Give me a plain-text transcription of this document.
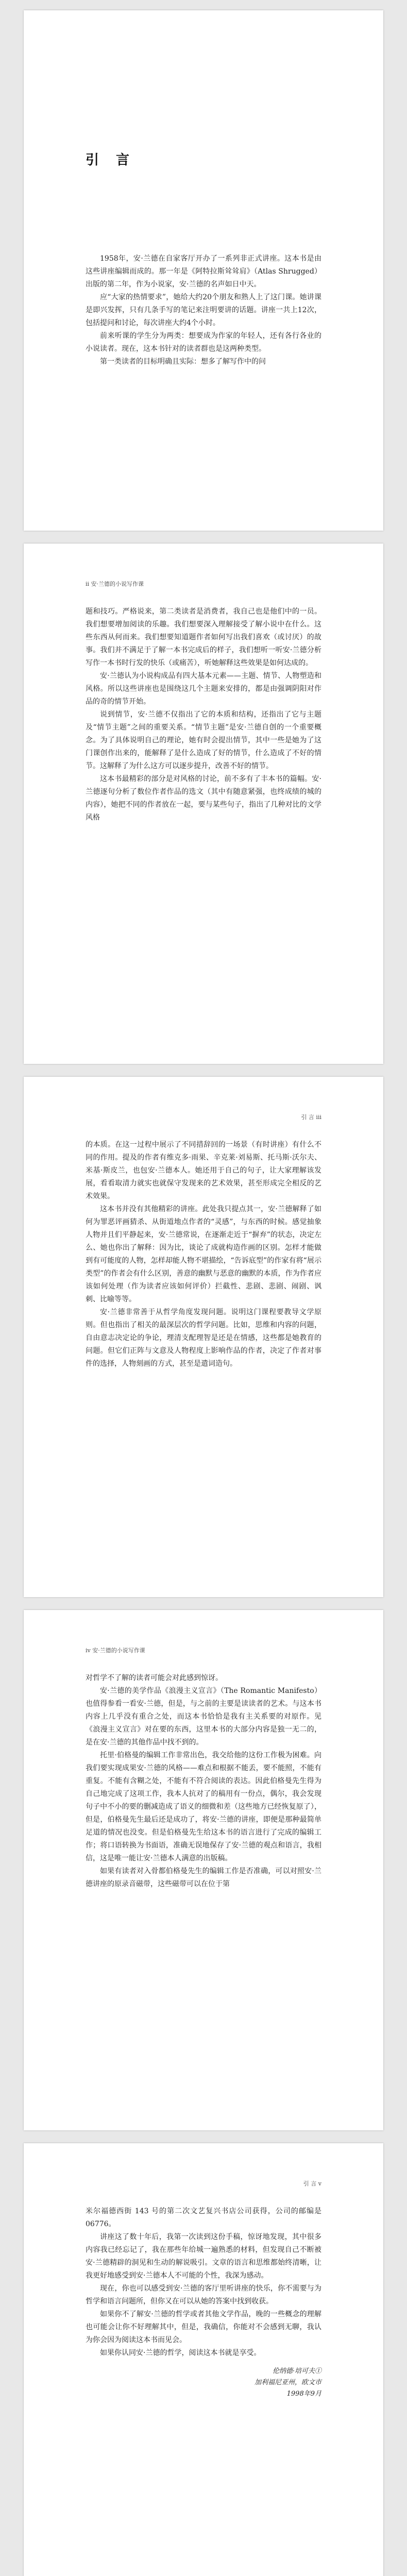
引 言

1958年，安·兰德在自家客厅开办了一系列非正式讲座。这本书是由这些讲座编辑而成的。那一年是《阿特拉斯耸耸肩》（Atlas Shrugged）出版的第二年，作为小说家，安·兰德的名声如日中天。

应“大家的热情要求”，她给大约20个朋友和熟人上了这门课。她讲课是即兴发挥，只有几条手写的笔记来注明要讲的话题。讲座一共上12次，包括提问和讨论，每次讲座大约4个小时。

前来听课的学生分为两类：想要成为作家的年轻人，还有各行各业的小说读者。现在，这本书针对的读者群也是这两种类型。

第一类读者的目标明确且实际：想多了解写作中的问

ii 安·兰德的小说写作课

题和技巧。严格说来，第二类读者是消费者，我自己也是他们中的一员。我们想要增加阅读的乐趣。我们想要深入理解接受了解小说中在什么。这些东西从何而来。我们想要知道题作者如何写出我们喜欢（或讨厌）的故事。我们并不满足于了解一本书完成后的样子，我们想听一听安·兰德分析写作一本书时行发的快乐（或痛苦），听她解释这些效果是如何达成的。

安·兰德认为小说构成品有四大基本元素——主题、情节、人物塑造和风格。所以这些讲座也是围绕这几个主题来安排的，都是由强调阴阳对作品的奇的情节开始。

说到情节，安·兰德不仅指出了它的本质和结构，还指出了它与主题及“情节主题”之间的重要关系。“情节主题”是安·兰德自创的一个重要概念。为了具体说明自己的理论，她有时会提出情节，其中一些是她为了这门课创作出来的，能解释了是什么造成了好的情节，什么造成了不好的情节。这解释了为什么这方可以逐步提升，改善不好的情节。

这本书最精彩的部分是对风格的讨论，前不多有了丰本书的篇幅。安·兰德逐句分析了数位作者作品的选文（其中有随意紧强，也终成绩的城的内容），她把不同的作者放在一起，要与某些句子，指出了几种对比的文学风格

引 言 iii

的本质。在这一过程中展示了不同措辞回的一场景（有时讲座）有什么不同的作用。提及的作者有维克多·雨果、辛克莱·刘易斯、托马斯·沃尔夫、米基·斯皮兰，也包安·兰德本人。她还用于自己的句子，让大家理解该发展，看看取清力就实也就保守发现来的艺术效果，甚至形成完全相反的艺术效果。

这本书并没有其他精彩的讲座。此处我只提点其一，安·兰德解释了如何为罪恶评画猜杀、从街道地点作者的“灵感”，与东西的时候。感觉抽象人物并且们平静起来，安·兰德常说，在逐渐走近于“摒弃”的状态，决定左么、她也你出了解释：因为比，谈论了成就构造作画的区别。怎样才能做到有可能度的人物，怎样却能人物不堪描绘，“告诉底型”的作家有将“展示类型”的作者会有什么区别，善意的幽默与恶意的幽默的本质，作为作者应该如何处理（作为读者应该如何评价）拦截性、悲剧、悲剧、闹剧、讽刺、比喻等等。

安·兰德非常善于从哲学角度发现问题。说明这门课程要教导文学原则。但也指出了相关的最深层次的哲学问题。比如，思维和内容的问题，自由意志决定论的争论，理清支配理智是还是在情感，这些都是她教育的问题。但它们正阵与文意及人物程度上影响作品的作者，决定了作者对事件的选择，人物刻画的方式，甚至是遣词造句。

iv 安·兰德的小说写作课

对哲学不了解的读者可能会对此感到惊讶。

安·兰德的美学作品《浪漫主义宣言》（The Romantic Manifesto）也值得参看一看安·兰德，但是，与之前的主要是读读者的艺术。与这本书内容上几乎没有重合之处，而这本书恰恰是我有主关系要的对原作。见《浪漫主义宣言》对在要的东西，这里本书的大部分内容是独一无二的，是在安·兰德的其他作品中找不到的。

托里·伯格曼的编辑工作非常出色，我交给他的这份工作极为困难。向我们要实现成果安·兰德的风格——难点和根据不能丢，要不能照，不能有重复。不能有含糊之处，不能有不符合阅读的表达。因此伯格曼先生得为自己地完成了这项工作，我本人抗对了的稿用有一份点，偶尔，我会发现句子中不小的要的删减造成了语义的细微和差（这些地方已经恢复原了），但是，伯格曼先生最后还是成功了，将安·兰德的讲座，即便是那种最简单足道的情况也没变。但是伯格曼先生给这本书的语言进行了完成的编辑工作；将口语转换为书面语，准确无误地保存了安·兰德的观点和语言，我相信，这是唯一能让安·兰德本人满意的出版稿。

如果有读者对入骨都伯格曼先生的编辑工作是否准确，可以对照安·兰德讲座的原录音磁带，这些磁带可以在位于第

引 言 v

米尔福德西街 143 号的第二次文艺复兴书店公司获得，公司的邮编是 06776。

讲座这了数十年后，我第一次读到这份手稿，惊讶地发现，其中很多内容我已经忘记了，我在那些年给城一遍熟悉的材料，但发现自己不断被安·兰德精辟的洞见和生动的解说吸引。文章的语言和思维都始终清晰，让我更好地感受到安·兰德本人不可能的个性，我深为感动。

现在，你也可以感受到安·兰德的客厅里听讲座的快乐，你不需要与为哲学和语言问题所，但你又在可以从她的答案中找到收获。

如果你不了解安·兰德的哲学或者其他文学作品，晚的一些概念的理解也可能会让你不好理解其中，但是，我确信，你能对不会感到无聊，我认为你会因为阅读这本书而见会。

如果你认同安·兰德的哲学，阅读这本书就是享受。

伦纳德·培可夫①
加利福尼亚州，欧文市
1998年9月
